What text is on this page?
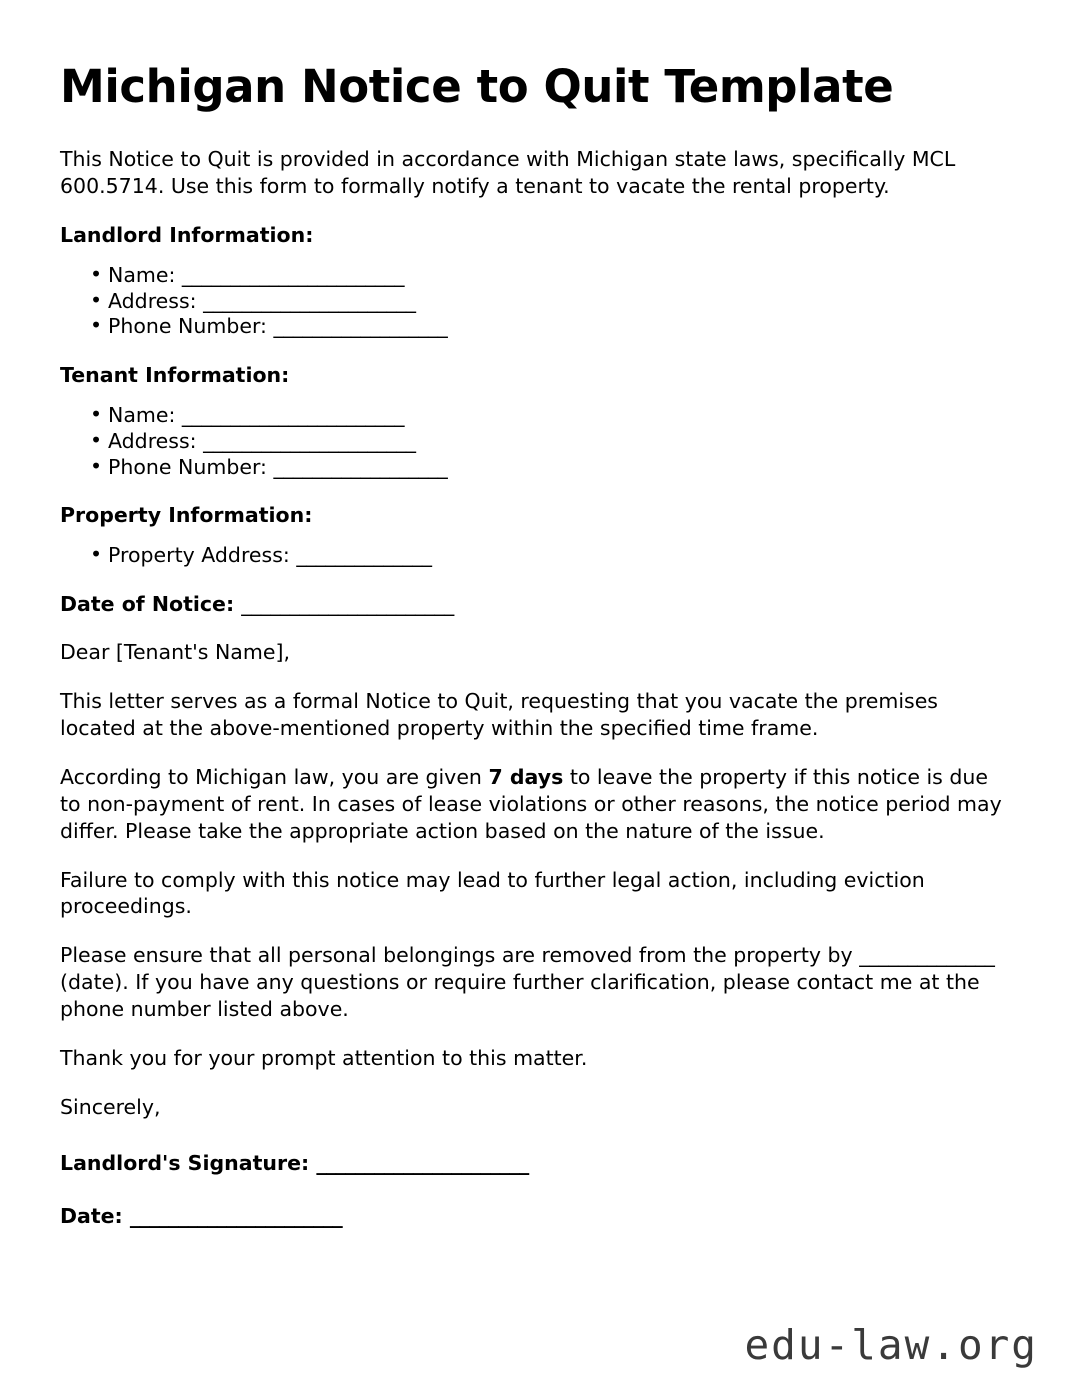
Michigan Notice to Quit Template

This Notice to Quit is provided in accordance with Michigan state laws, specifically MCL 600.5714. Use this form to formally notify a tenant to vacate the rental property.

Landlord Information:
• Name: _______________________
• Address: ______________________
• Phone Number: __________________
Tenant Information:
• Name: _______________________
• Address: ______________________
• Phone Number: __________________
Property Information:
• Property Address: ______________
Date of Notice: ______________________

Dear [Tenant's Name],

This letter serves as a formal Notice to Quit, requesting that you vacate the premises located at the above-mentioned property within the specified time frame.

According to Michigan law, you are given 7 days to leave the property if this notice is due to non-payment of rent. In cases of lease violations or other reasons, the notice period may differ. Please take the appropriate action based on the nature of the issue.

Failure to comply with this notice may lead to further legal action, including eviction proceedings.

Please ensure that all personal belongings are removed from the property by ______________ (date). If you have any questions or require further clarification, please contact me at the phone number listed above.

Thank you for your prompt attention to this matter.

Sincerely,

Landlord's Signature: ______________________
Date: ______________________
edu-law.org
